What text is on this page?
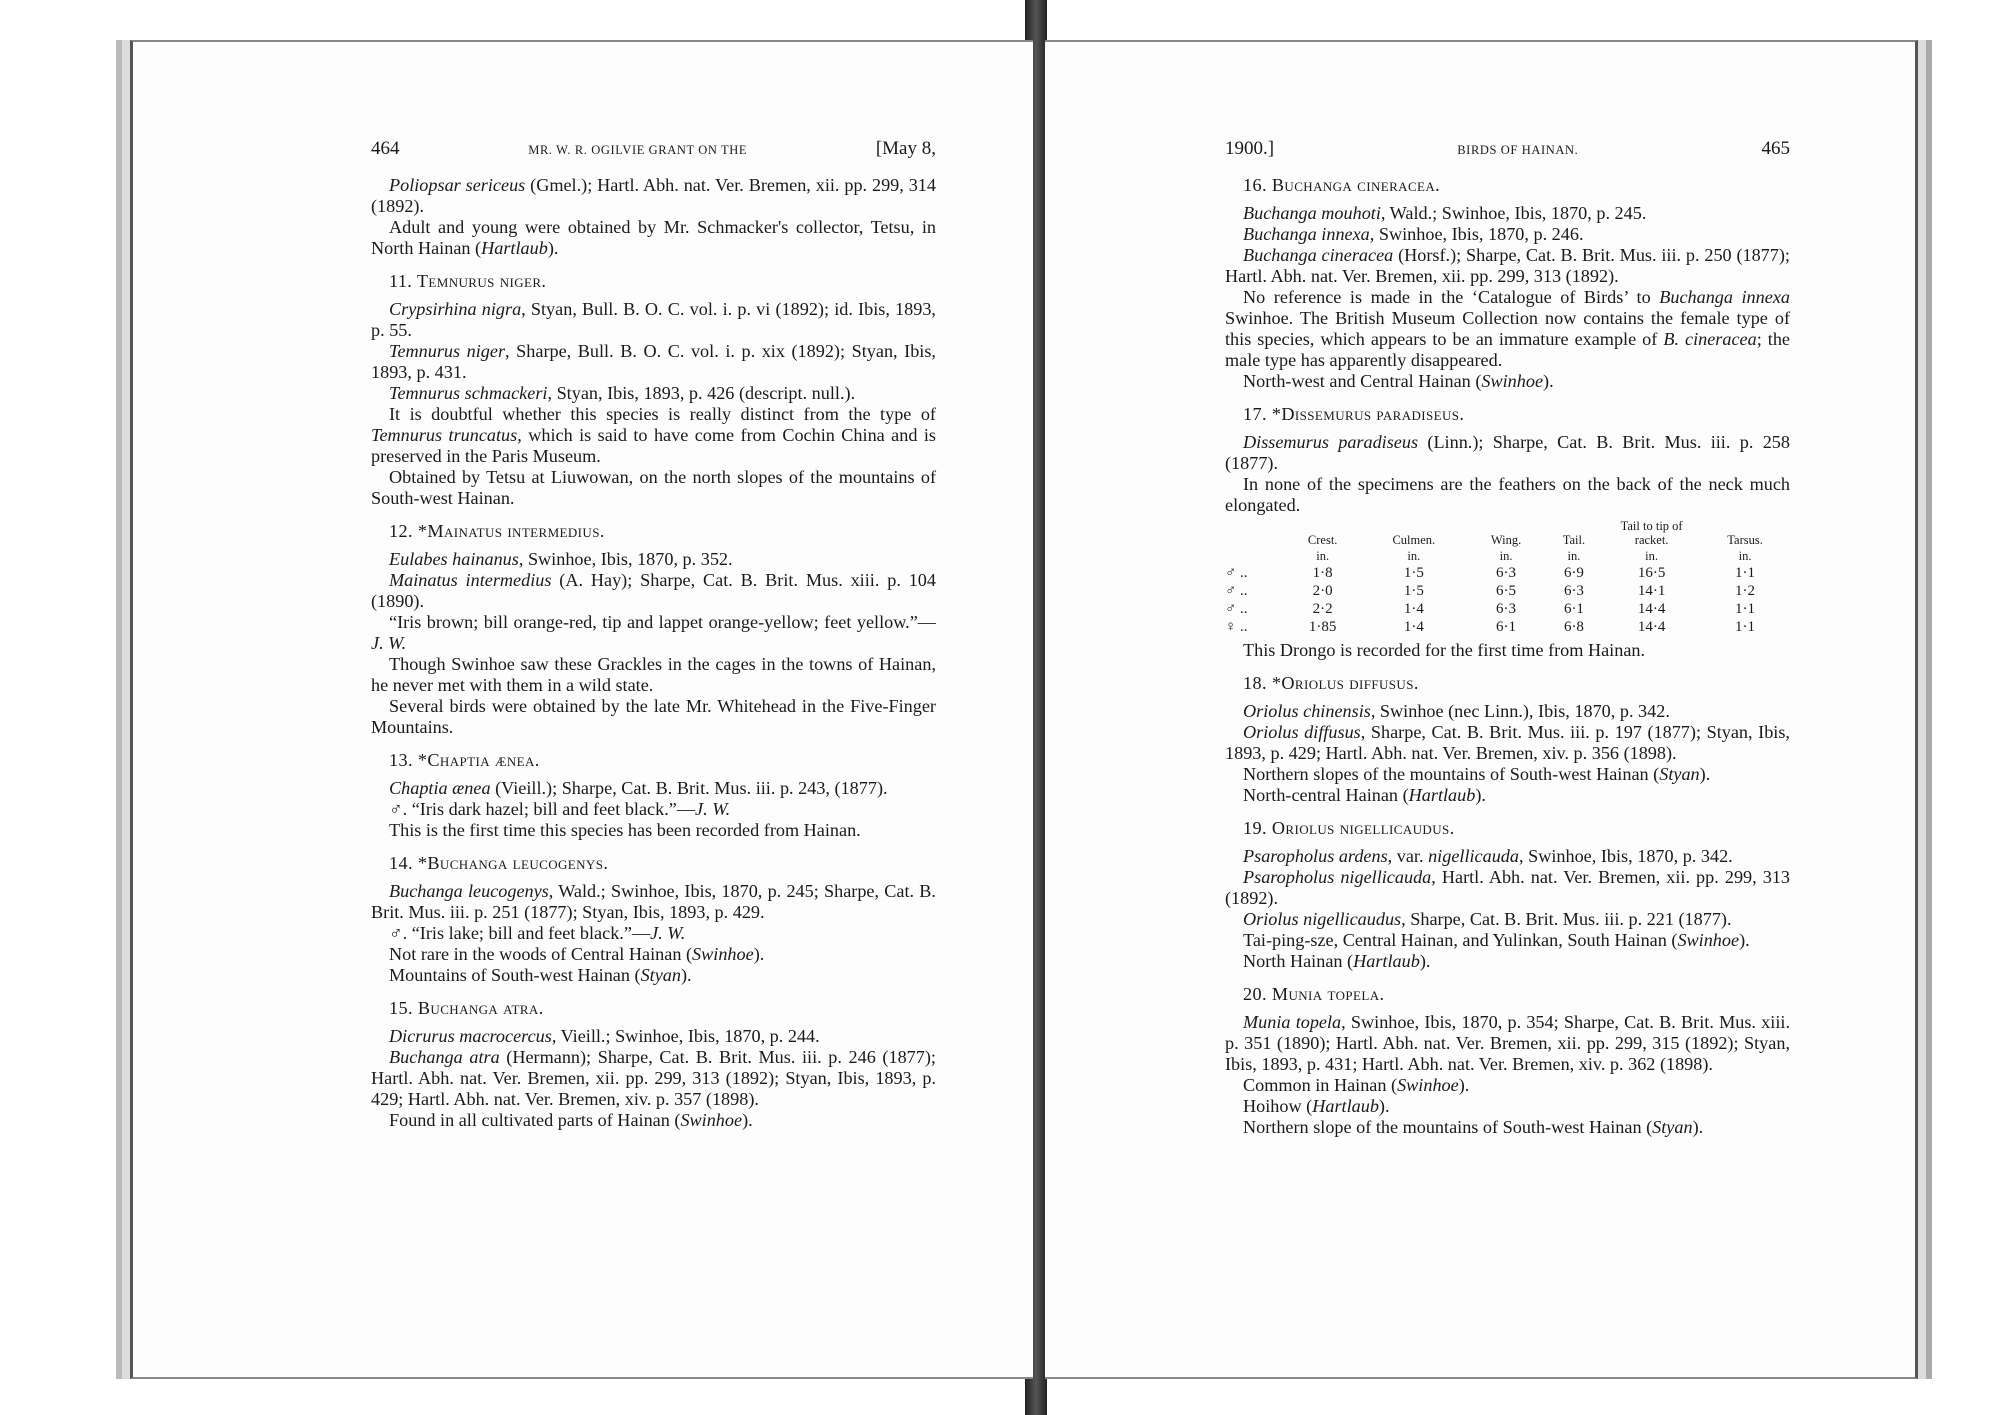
464	MR. W. R. OGILVIE GRANT ON THE	[May 8,

Poliopsar sericeus (Gmel.); Hartl. Abh. nat. Ver. Bremen, xii. pp. 299, 314 (1892).

Adult and young were obtained by Mr. Schmacker's collector, Tetsu, in North Hainan (Hartlaub).

11. Temnurus niger.

Crypsirhina nigra, Styan, Bull. B. O. C. vol. i. p. vi (1892); id. Ibis, 1893, p. 55.

Temnurus niger, Sharpe, Bull. B. O. C. vol. i. p. xix (1892); Styan, Ibis, 1893, p. 431.

Temnurus schmackeri, Styan, Ibis, 1893, p. 426 (descript. null.).

It is doubtful whether this species is really distinct from the type of Temnurus truncatus, which is said to have come from Cochin China and is preserved in the Paris Museum.

Obtained by Tetsu at Liuwowan, on the north slopes of the mountains of South-west Hainan.

12. *Mainatus intermedius.

Eulabes hainanus, Swinhoe, Ibis, 1870, p. 352.

Mainatus intermedius (A. Hay); Sharpe, Cat. B. Brit. Mus. xiii. p. 104 (1890).

“Iris brown; bill orange-red, tip and lappet orange-yellow; feet yellow.”—J. W.

Though Swinhoe saw these Grackles in the cages in the towns of Hainan, he never met with them in a wild state.

Several birds were obtained by the late Mr. Whitehead in the Five-Finger Mountains.

13. *Chaptia ænea.

Chaptia ænea (Vieill.); Sharpe, Cat. B. Brit. Mus. iii. p. 243, (1877).

♂. “Iris dark hazel; bill and feet black.”—J. W.

This is the first time this species has been recorded from Hainan.

14. *Buchanga leucogenys.

Buchanga leucogenys, Wald.; Swinhoe, Ibis, 1870, p. 245; Sharpe, Cat. B. Brit. Mus. iii. p. 251 (1877); Styan, Ibis, 1893, p. 429.

♂. “Iris lake; bill and feet black.”—J. W.

Not rare in the woods of Central Hainan (Swinhoe).

Mountains of South-west Hainan (Styan).

15. Buchanga atra.

Dicrurus macrocercus, Vieill.; Swinhoe, Ibis, 1870, p. 244.

Buchanga atra (Hermann); Sharpe, Cat. B. Brit. Mus. iii. p. 246 (1877); Hartl. Abh. nat. Ver. Bremen, xii. pp. 299, 313 (1892); Styan, Ibis, 1893, p. 429; Hartl. Abh. nat. Ver. Bremen, xiv. p. 357 (1898).

Found in all cultivated parts of Hainan (Swinhoe).

1900.]	BIRDS OF HAINAN.	465
16. Buchanga cineracea.

Buchanga mouhoti, Wald.; Swinhoe, Ibis, 1870, p. 245.

Buchanga innexa, Swinhoe, Ibis, 1870, p. 246.

Buchanga cineracea (Horsf.); Sharpe, Cat. B. Brit. Mus. iii. p. 250 (1877); Hartl. Abh. nat. Ver. Bremen, xii. pp. 299, 313 (1892).

No reference is made in the ‘Catalogue of Birds’ to Buchanga innexa Swinhoe. The British Museum Collection now contains the female type of this species, which appears to be an immature example of B. cineracea; the male type has apparently disappeared.

North-west and Central Hainan (Swinhoe).

17. *Dissemurus paradiseus.

Dissemurus paradiseus (Linn.); Sharpe, Cat. B. Brit. Mus. iii. p. 258 (1877).

In none of the specimens are the feathers on the back of the neck much elongated.

	Crest.	Culmen.	Wing.	Tail.	Tail to tip of racket.	Tarsus.
	in.	in.	in.	in.	in.	in.
♂ ..	1·8	1·5	6·3	6·9	16·5	1·1
♂ ..	2·0	1·5	6·5	6·3	14·1	1·2
♂ ..	2·2	1·4	6·3	6·1	14·4	1·1
♀ ..	1·85	1·4	6·1	6·8	14·4	1·1

This Drongo is recorded for the first time from Hainan.

18. *Oriolus diffusus.

Oriolus chinensis, Swinhoe (nec Linn.), Ibis, 1870, p. 342.

Oriolus diffusus, Sharpe, Cat. B. Brit. Mus. iii. p. 197 (1877); Styan, Ibis, 1893, p. 429; Hartl. Abh. nat. Ver. Bremen, xiv. p. 356 (1898).

Northern slopes of the mountains of South-west Hainan (Styan).

North-central Hainan (Hartlaub).

19. Oriolus nigellicaudus.

Psaropholus ardens, var. nigellicauda, Swinhoe, Ibis, 1870, p. 342.

Psaropholus nigellicauda, Hartl. Abh. nat. Ver. Bremen, xii. pp. 299, 313 (1892).

Oriolus nigellicaudus, Sharpe, Cat. B. Brit. Mus. iii. p. 221 (1877).

Tai-ping-sze, Central Hainan, and Yulinkan, South Hainan (Swinhoe).

North Hainan (Hartlaub).

20. Munia topela.

Munia topela, Swinhoe, Ibis, 1870, p. 354; Sharpe, Cat. B. Brit. Mus. xiii. p. 351 (1890); Hartl. Abh. nat. Ver. Bremen, xii. pp. 299, 315 (1892); Styan, Ibis, 1893, p. 431; Hartl. Abh. nat. Ver. Bremen, xiv. p. 362 (1898).

Common in Hainan (Swinhoe).

Hoihow (Hartlaub).

Northern slope of the mountains of South-west Hainan (Styan).
